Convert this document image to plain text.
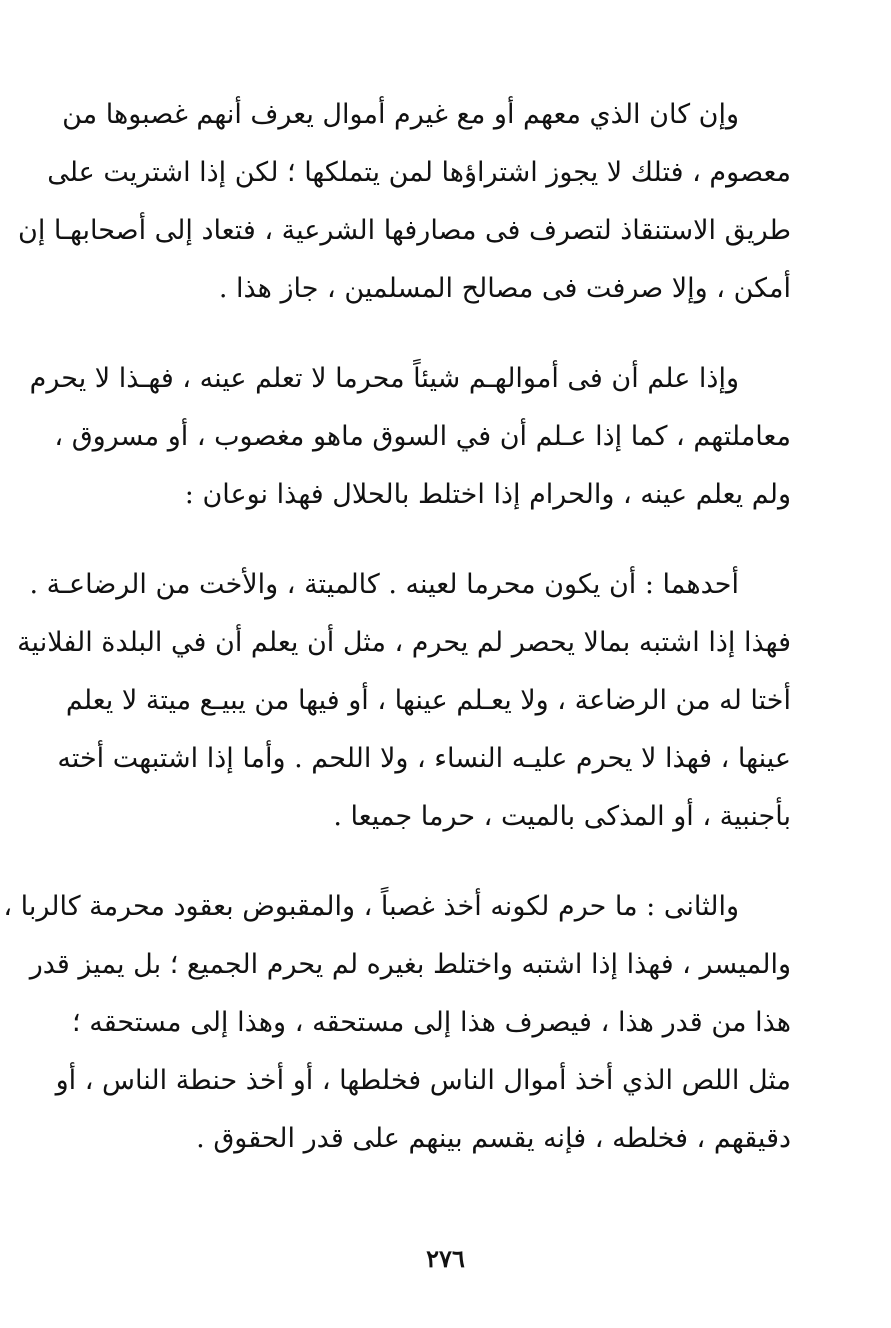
وإن كان الذي معهم أو مع غيرم أموال يعرف أنهم غصبوها من
معصوم ، فتلك لا يجوز اشتراؤها لمن يتملكها ؛ لكن إذا اشتريت على
طريق الاستنقاذ لتصرف فى مصارفها الشرعية ، فتعاد إلى أصحابهـا إن
أمكن ، وإلا صرفت فى مصالح المسلمين ، جاز هذا .
وإذا علم أن فى أموالهـم شيئاً محرما لا تعلم عينه ، فهـذا لا يحرم
معاملتهم ، كما إذا عـلم أن في السوق ماهو مغصوب ، أو مسروق ،
ولم يعلم عينه ، والحرام إذا اختلط بالحلال فهذا نوعان :
أحدهما : أن يكون محرما لعينه . كالميتة ، والأخت من الرضاعـة .
فهذا إذا اشتبه بمالا يحصر لم يحرم ، مثل أن يعلم أن في البلدة الفلانية
أختا له من الرضاعة ، ولا يعـلم عينها ، أو فيها من يبيـع ميتة لا يعلم
عينها ، فهذا لا يحرم عليـه النساء ، ولا اللحم . وأما إذا اشتبهت أخته
بأجنبية ، أو المذكى بالميت ، حرما جميعا .
والثانى : ما حرم لكونه أخذ غصباً ، والمقبوض بعقود محرمة كالربا ،
والميسر ، فهذا إذا اشتبه واختلط بغيره لم يحرم الجميع ؛ بل يميز قدر
هذا من قدر هذا ، فيصرف هذا إلى مستحقه ، وهذا إلى مستحقه ؛
مثل اللص الذي أخذ أموال الناس فخلطها ، أو أخذ حنطة الناس ، أو
دقيقهم ، فخلطه ، فإنه يقسم بينهم على قدر الحقوق .
٢٧٦
